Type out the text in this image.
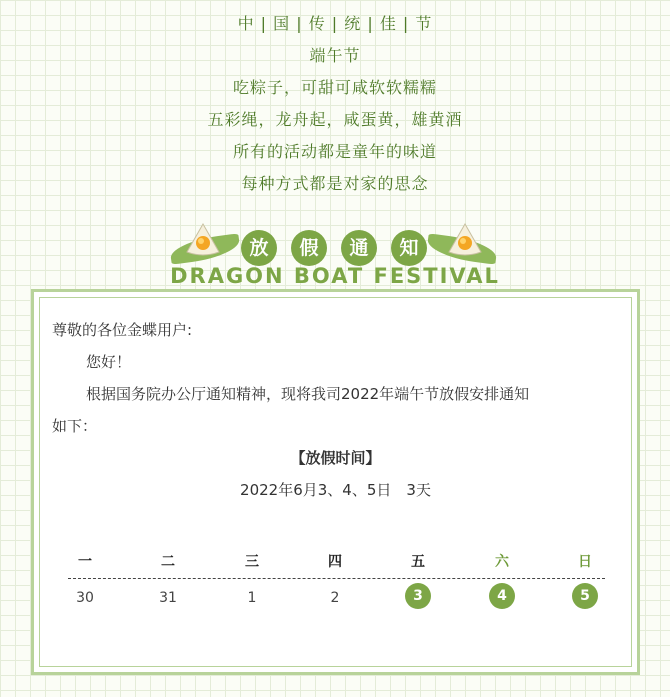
中 | 国 | 传 | 统 | 佳 | 节
端午节
吃粽子，可甜可咸软软糯糯
五彩绳，龙舟起，咸蛋黄，雄黄酒
所有的活动都是童年的味道
每种方式都是对家的思念
放	假	通	知
DRAGON BOAT FESTIVAL
尊敬的各位金蝶用户:
您好！
根据国务院办公厅通知精神，现将我司2022年端午节放假安排通知
如下：
【放假时间】
2022年6月3、4、5日　3天
一	二	三	四	五	六	日
30	31	1	2	3	4	5
